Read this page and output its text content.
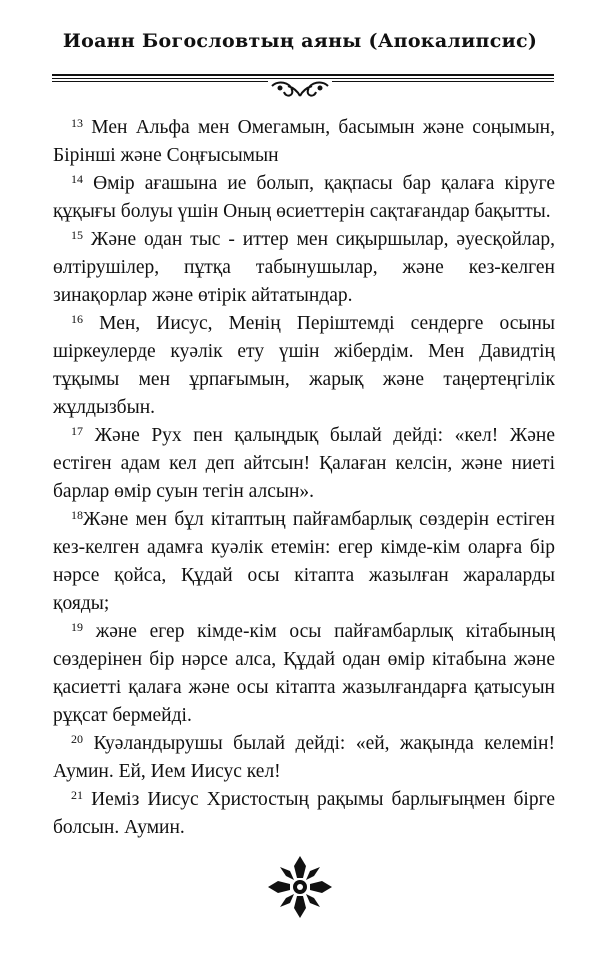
Иоанн Богословтың аяны (Апокалипсис)

$^{13}$ Мен Альфа мен Омегамын, басымын және соңымын, Бірінші және Соңғысымын

$^{14}$ Өмір ағашына ие болып, қақпасы бар қалаға кіруге құқығы болуы үшін Оның өсиеттерін сақтағандар бақытты.

$^{15}$ Және одан тыс - иттер мен сиқыршылар, әуесқойлар, өлтірушілер, пұтқа табынушылар, және кез-келген зинақорлар және өтірік айтатындар.

$^{16}$ Мен, Иисус, Менің Періштемді сендерге осыны шіркеулерде куәлік ету үшін жібердім. Мен Давидтің тұқымы мен ұрпағымын, жарық және таңертеңгілік жұлдызбын.

$^{17}$ Және Рух пен қалыңдық былай дейді: «кел! Және естіген адам кел деп айтсын! Қалаған келсін, және ниеті барлар өмір суын тегін алсын».

$^{18}$Және мен бұл кітаптың пайғамбарлық сөздерін естіген кез-келген адамға куәлік етемін: егер кімде-кім оларға бір нәрсе қойса, Құдай осы кітапта жазылған жараларды қояды;

$^{19}$ және егер кімде-кім осы пайғамбарлық кітабының сөздерінен бір нәрсе алса, Құдай одан өмір кітабына және қасиетті қалаға және осы кітапта жазылғандарға қатысуын рұқсат бермейді.

$^{20}$ Куәландырушы былай дейді: «ей, жақында келемін! Аумин. Ей, Ием Иисус кел!

$^{21}$ Иеміз Иисус Христостың рақымы барлығыңмен бірге болсын. Аумин.
